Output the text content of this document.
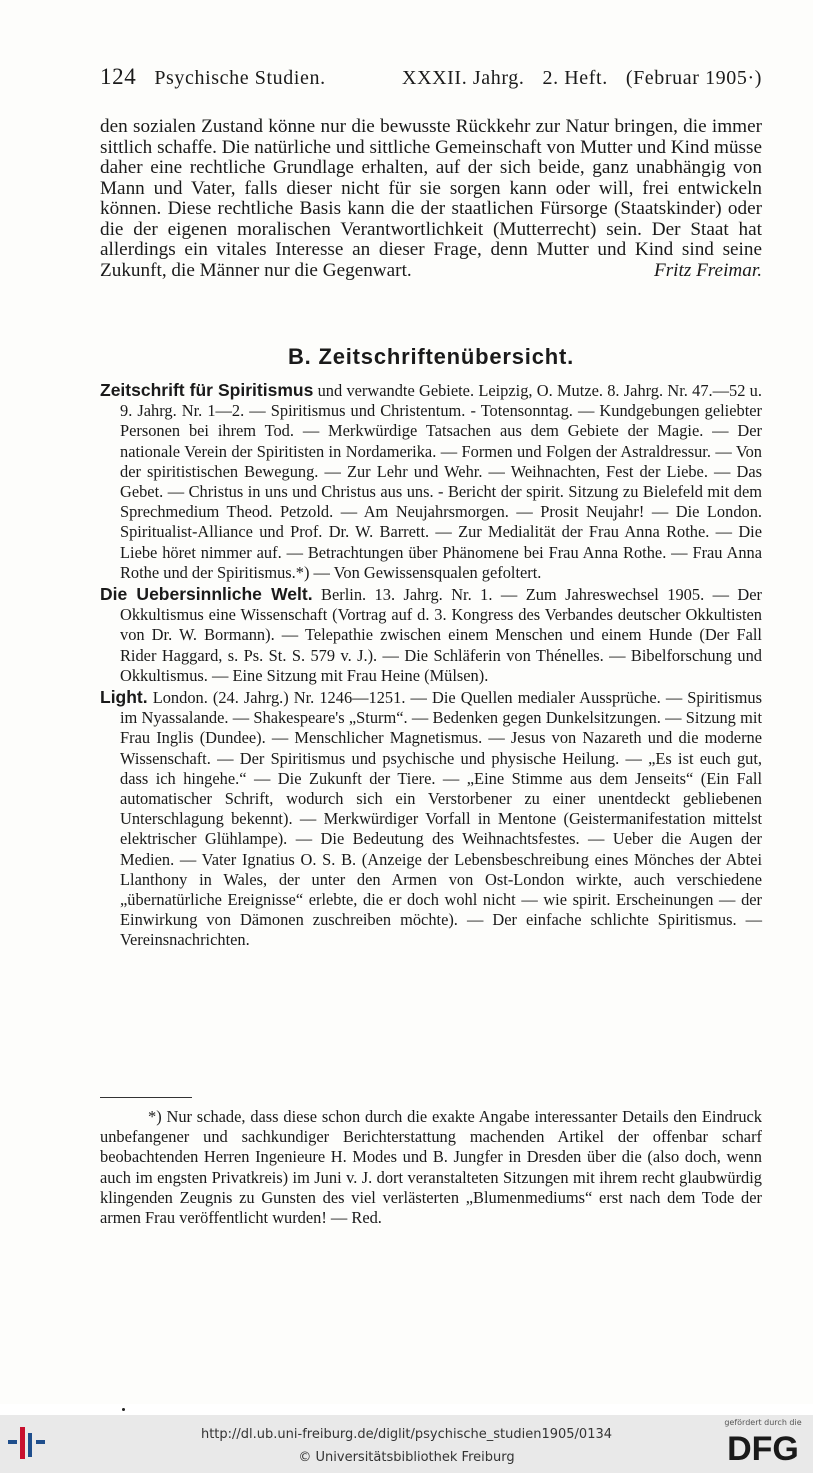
124 Psychische Studien.	XXXII. Jahrg. 2. Heft. (Februar 1905·)

den sozialen Zustand könne nur die bewusste Rückkehr zur Natur bringen, die immer sittlich schaffe. Die natürliche und sittliche Gemeinschaft von Mutter und Kind müsse daher eine rechtliche Grundlage erhalten, auf der sich beide, ganz unabhängig von Mann und Vater, falls dieser nicht für sie sorgen kann oder will, frei entwickeln können. Diese rechtliche Basis kann die der staatlichen Fürsorge (Staatskinder) oder die der eigenen moralischen Verantwortlichkeit (Mutterrecht) sein. Der Staat hat allerdings ein vitales Interesse an dieser Frage, denn Mutter und Kind sind seine Zukunft, die Männer nur die Gegenwart.	Fritz Freimar.

B. Zeitschriftenübersicht.

Zeitschrift für Spiritismus und verwandte Gebiete. Leipzig, O. Mutze. 8. Jahrg. Nr. 47.—52 u. 9. Jahrg. Nr. 1—2. — Spiritismus und Christentum. - Totensonntag. — Kundgebungen geliebter Personen bei ihrem Tod. — Merkwürdige Tatsachen aus dem Gebiete der Magie. — Der nationale Verein der Spiritisten in Nordamerika. — Formen und Folgen der Astraldressur. — Von der spiritistischen Bewegung. — Zur Lehr und Wehr. — Weihnachten, Fest der Liebe. — Das Gebet. — Christus in uns und Christus aus uns. - Bericht der spirit. Sitzung zu Bielefeld mit dem Sprechmedium Theod. Petzold. — Am Neujahrsmorgen. — Prosit Neujahr! — Die London. Spiritualist-Alliance und Prof. Dr. W. Barrett. — Zur Medialität der Frau Anna Rothe. — Die Liebe höret nimmer auf. — Betrachtungen über Phänomene bei Frau Anna Rothe. — Frau Anna Rothe und der Spiritismus.*) — Von Gewissensqualen gefoltert.

Die Uebersinnliche Welt. Berlin. 13. Jahrg. Nr. 1. — Zum Jahreswechsel 1905. — Der Okkultismus eine Wissenschaft (Vortrag auf d. 3. Kongress des Verbandes deutscher Okkultisten von Dr. W. Bormann). — Telepathie zwischen einem Menschen und einem Hunde (Der Fall Rider Haggard, s. Ps. St. S. 579 v. J.). — Die Schläferin von Thénelles. — Bibelforschung und Okkultismus. — Eine Sitzung mit Frau Heine (Mülsen).

Light. London. (24. Jahrg.) Nr. 1246—1251. — Die Quellen medialer Aussprüche. — Spiritismus im Nyassalande. — Shakespeare's „Sturm“. — Bedenken gegen Dunkelsitzungen. — Sitzung mit Frau Inglis (Dundee). — Menschlicher Magnetismus. — Jesus von Nazareth und die moderne Wissenschaft. — Der Spiritismus und psychische und physische Heilung. — „Es ist euch gut, dass ich hingehe.“ — Die Zukunft der Tiere. — „Eine Stimme aus dem Jenseits“ (Ein Fall automatischer Schrift, wodurch sich ein Verstorbener zu einer unentdeckt gebliebenen Unterschlagung bekennt). — Merkwürdiger Vorfall in Mentone (Geistermanifestation mittelst elektrischer Glühlampe). — Die Bedeutung des Weihnachtsfestes. — Ueber die Augen der Medien. — Vater Ignatius O. S. B. (Anzeige der Lebensbeschreibung eines Mönches der Abtei Llanthony in Wales, der unter den Armen von Ost-London wirkte, auch verschiedene „übernatürliche Ereignisse“ erlebte, die er doch wohl nicht — wie spirit. Erscheinungen — der Einwirkung von Dämonen zuschreiben möchte). — Der einfache schlichte Spiritismus. — Vereinsnachrichten.

*) Nur schade, dass diese schon durch die exakte Angabe interessanter Details den Eindruck unbefangener und sachkundiger Berichterstattung machenden Artikel der offenbar scharf beobachtenden Herren Ingenieure H. Modes und B. Jungfer in Dresden über die (also doch, wenn auch im engsten Privatkreis) im Juni v. J. dort veranstalteten Sitzungen mit ihrem recht glaubwürdig klingenden Zeugnis zu Gunsten des viel verlästerten „Blumenmediums“ erst nach dem Tode der armen Frau veröffentlicht wurden! — Red.

http://dl.ub.uni-freiburg.de/diglit/psychische_studien1905/0134
© Universitätsbibliothek Freiburg
gefördert durch die
DFG
